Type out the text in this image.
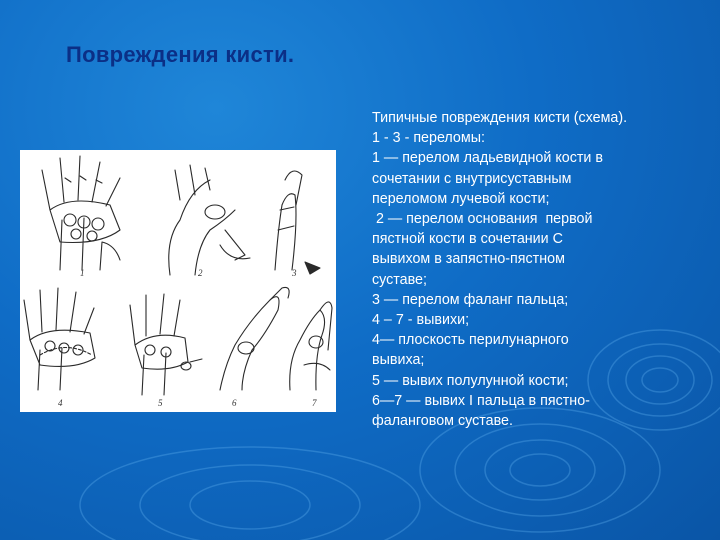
Повреждения кисти.
2	3
4	5	6	7
1
Типичные повреждения кисти (схема).
1 - 3 - переломы:
1 — перелом ладьевидной кости в
сочетании с внутрисуставным
переломом лучевой кости;
2 — перелом основания  первой
пястной кости в сочетании С
вывихом в запястно-пястном
суставе;
3 — перелом фаланг пальца;
4 – 7 - вывихи;
4— плоскость перилунарного
вывиха;
5 — вывих полулунной кости;
6—7 — вывих I пальца в пястно-
фаланговом суставе.
